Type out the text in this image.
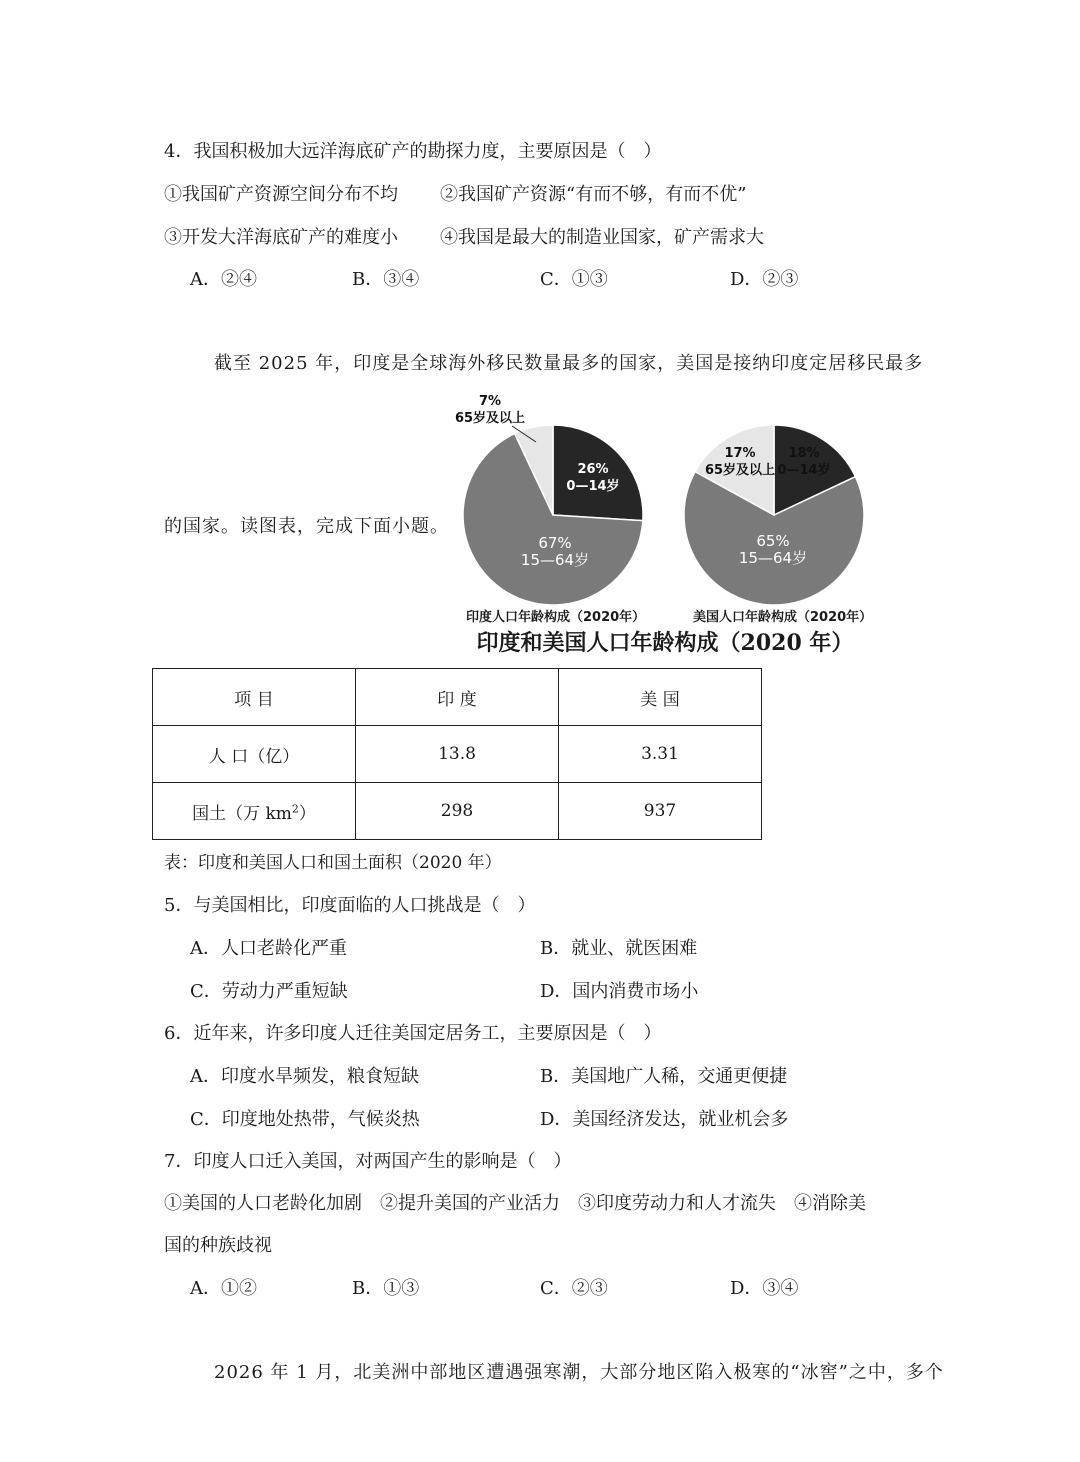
4．我国积极加大远洋海底矿产的勘探力度，主要原因是（　）
①我国矿产资源空间分布不均 ②我国矿产资源“有而不够，有而不优”
③开发大洋海底矿产的难度小 ④我国是最大的制造业国家，矿产需求大
A．②④	B．③④	C．①③	D．②③
截至 2025 年，印度是全球海外移民数量最多的国家，美国是接纳印度定居移民最多
的国家。读图表，完成下面小题。
26%
0—14岁
67%
15—64岁
7%
65岁及以上
18%
0—14岁
65%
15—64岁
17%
65岁及以上
印度人口年龄构成（2020年）	美国人口年龄构成（2020年）
印度和美国人口年龄构成（2020 年）
项 目	印 度	美 国
人 口（亿）	13.8	3.31
国土（万 $km^2$）	298	937
表：印度和美国人口和国土面积（2020 年）
5．与美国相比，印度面临的人口挑战是（　）
A．人口老龄化严重	B．就业、就医困难
C．劳动力严重短缺	D．国内消费市场小
6．近年来，许多印度人迁往美国定居务工，主要原因是（　）
A．印度水旱频发，粮食短缺	B．美国地广人稀，交通更便捷
C．印度地处热带，气候炎热	D．美国经济发达，就业机会多
7．印度人口迁入美国，对两国产生的影响是（　）
①美国的人口老龄化加剧　②提升美国的产业活力　③印度劳动力和人才流失　④消除美
国的种族歧视
A．①②	B．①③	C．②③	D．③④
2026 年 1 月，北美洲中部地区遭遇强寒潮，大部分地区陷入极寒的“冰窖”之中，多个
